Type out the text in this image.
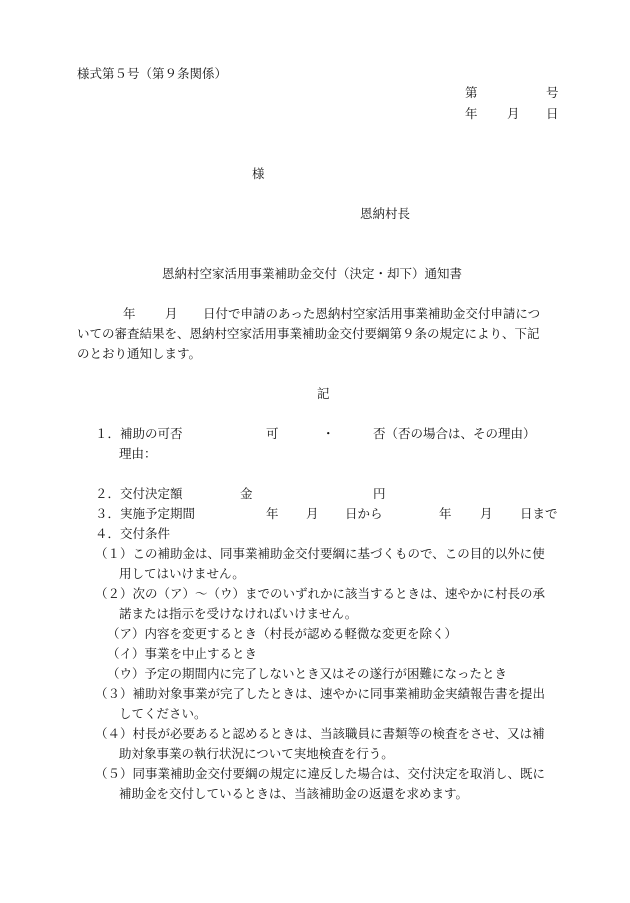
様式第５号（第９条関係）
第	号
年 月 日
様
恩納村長
恩納村空家活用事業補助金交付（決定・却下）通知書
年 月 日付で申請のあった恩納村空家活用事業補助金交付申請につ
いての審査結果を、恩納村空家活用事業補助金交付要綱第９条の規定により、下記
のとおり通知します。
記
１．補助の可否	可	・	否（否の場合は、その理由）
理由：
２．交付決定額	金	円
３．実施予定期間	年 月 日から	年 月 日まで
４．交付条件
（１）この補助金は、同事業補助金交付要綱に基づくもので、この目的以外に使
用してはいけません。
（２）次の（ア）～（ウ）までのいずれかに該当するときは、速やかに村長の承
諾または指示を受けなければいけません。
（ア）内容を変更するとき（村長が認める軽微な変更を除く）
（イ）事業を中止するとき
（ウ）予定の期間内に完了しないとき又はその遂行が困難になったとき
（３）補助対象事業が完了したときは、速やかに同事業補助金実績報告書を提出
してください。
（４）村長が必要あると認めるときは、当該職員に書類等の検査をさせ、又は補
助対象事業の執行状況について実地検査を行う。
（５）同事業補助金交付要綱の規定に違反した場合は、交付決定を取消し、既に
補助金を交付しているときは、当該補助金の返還を求めます。
